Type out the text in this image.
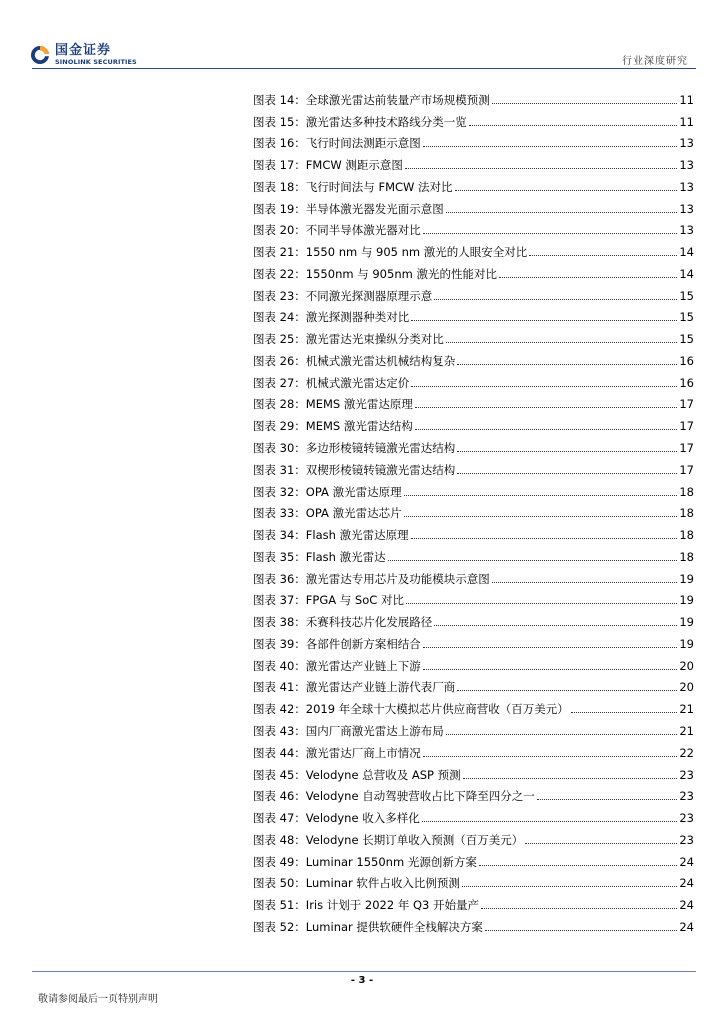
国金证券
SINOLINK SECURITIES	行业深度研究
图表 14： 全球激光雷达前装量产市场规模预测	11
图表 15： 激光雷达多种技术路线分类一览	11
图表 16： 飞行时间法测距示意图	13
图表 17： FMCW 测距示意图	13
图表 18： 飞行时间法与 FMCW 法对比	13
图表 19： 半导体激光器发光面示意图	13
图表 20： 不同半导体激光器对比	13
图表 21： 1550 nm 与 905 nm 激光的人眼安全对比	14
图表 22： 1550nm 与 905nm 激光的性能对比	14
图表 23： 不同激光探测器原理示意	15
图表 24： 激光探测器种类对比	15
图表 25： 激光雷达光束操纵分类对比	15
图表 26： 机械式激光雷达机械结构复杂	16
图表 27： 机械式激光雷达定价	16
图表 28： MEMS 激光雷达原理	17
图表 29： MEMS 激光雷达结构	17
图表 30： 多边形棱镜转镜激光雷达结构	17
图表 31： 双楔形棱镜转镜激光雷达结构	17
图表 32： OPA 激光雷达原理	18
图表 33： OPA 激光雷达芯片	18
图表 34： Flash 激光雷达原理	18
图表 35： Flash 激光雷达	18
图表 36： 激光雷达专用芯片及功能模块示意图	19
图表 37： FPGA 与 SoC 对比	19
图表 38： 禾赛科技芯片化发展路径	19
图表 39： 各部件创新方案相结合	19
图表 40： 激光雷达产业链上下游	20
图表 41： 激光雷达产业链上游代表厂商	20
图表 42： 2019 年全球十大模拟芯片供应商营收（百万美元）	21
图表 43： 国内厂商激光雷达上游布局	21
图表 44： 激光雷达厂商上市情况	22
图表 45： Velodyne 总营收及 ASP 预测	23
图表 46： Velodyne 自动驾驶营收占比下降至四分之一	23
图表 47： Velodyne 收入多样化	23
图表 48： Velodyne 长期订单收入预测（百万美元）	23
图表 49： Luminar 1550nm 光源创新方案	24
图表 50： Luminar 软件占收入比例预测	24
图表 51： Iris 计划于 2022 年 Q3 开始量产	24
图表 52： Luminar 提供软硬件全栈解决方案	24
- 3 -
敬请参阅最后一页特别声明
